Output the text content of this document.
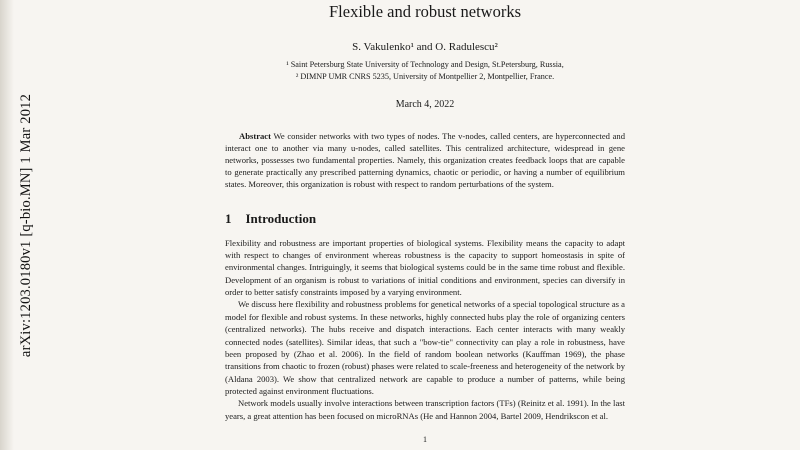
arXiv:1203.0180v1 [q-bio.MN] 1 Mar 2012
Flexible and robust networks
S. Vakulenko¹ and O. Radulescu²
¹ Saint Petersburg State University of Technology and Design, St.Petersburg, Russia,
² DIMNP UMR CNRS 5235, University of Montpellier 2, Montpellier, France.
March 4, 2022

Abstract We consider networks with two types of nodes. The v-nodes, called centers, are hyperconnected and interact one to another via many u-nodes, called satellites. This centralized architecture, widespread in gene networks, possesses two fundamental properties. Namely, this organization creates feedback loops that are capable to generate practically any prescribed patterning dynamics, chaotic or periodic, or having a number of equilibrium states. Moreover, this organization is robust with respect to random perturbations of the system.

1 Introduction

Flexibility and robustness are important properties of biological systems. Flexibility means the capacity to adapt with respect to changes of environment whereas robustness is the capacity to support homeostasis in spite of environmental changes. Intriguingly, it seems that biological systems could be in the same time robust and flexible. Development of an organism is robust to variations of initial conditions and environment, species can diversify in order to better satisfy constraints imposed by a varying environment.

We discuss here flexibility and robustness problems for genetical networks of a special topological structure as a model for flexible and robust systems. In these networks, highly connected hubs play the role of organizing centers (centralized networks). The hubs receive and dispatch interactions. Each center interacts with many weakly connected nodes (satellites). Similar ideas, that such a "bow-tie" connectivity can play a role in robustness, have been proposed by (Zhao et al. 2006). In the field of random boolean networks (Kauffman 1969), the phase transitions from chaotic to frozen (robust) phases were related to scale-freeness and heterogeneity of the network by (Aldana 2003). We show that centralized network are capable to produce a number of patterns, while being protected against environment fluctuations.

Network models usually involve interactions between transcription factors (TFs) (Reinitz et al. 1991). In the last years, a great attention has been focused on microRNAs (He and Hannon 2004, Bartel 2009, Hendrikscon et al.

1
